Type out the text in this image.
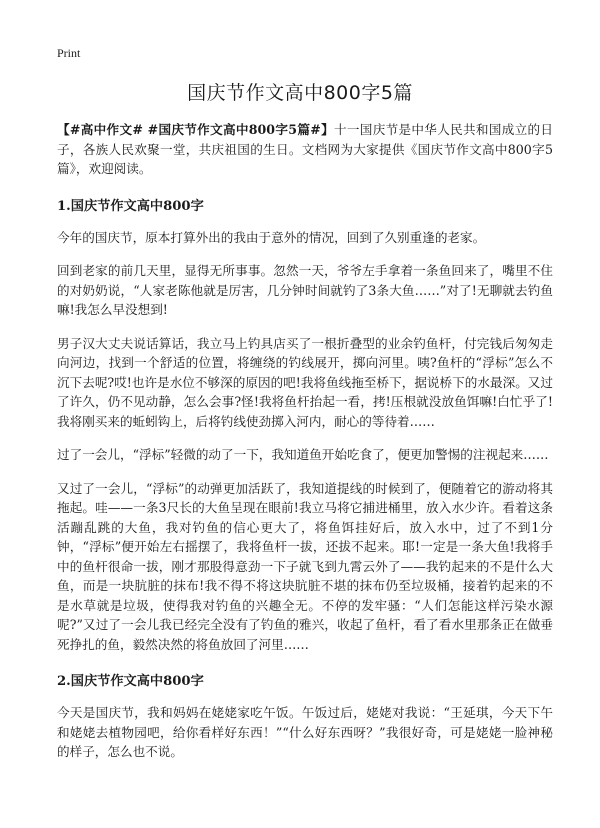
Print
国庆节作文高中800字5篇

【#高中作文# #国庆节作文高中800字5篇#】十一国庆节是中华人民共和国成立的日子，各族人民欢聚一堂，共庆祖国的生日。文档网为大家提供《国庆节作文高中800字5篇》，欢迎阅读。

1.国庆节作文高中800字

今年的国庆节，原本打算外出的我由于意外的情况，回到了久别重逢的老家。

回到老家的前几天里，显得无所事事。忽然一天，爷爷左手拿着一条鱼回来了，嘴里不住的对奶奶说，“人家老陈他就是厉害，几分钟时间就钓了3条大鱼……”对了!无聊就去钓鱼嘛!我怎么早没想到!

男子汉大丈夫说话算话，我立马上钓具店买了一根折叠型的业余钓鱼杆，付完钱后匆匆走向河边，找到一个舒适的位置，将缠绕的钓线展开，掷向河里。咦?鱼杆的“浮标”怎么不沉下去呢?哎!也许是水位不够深的原因的吧!我将鱼线拖至桥下，据说桥下的水最深。又过了许久，仍不见动静，怎么会事?怪!我将鱼杆抬起一看，拷!压根就没放鱼饵嘛!白忙乎了!我将刚买来的蚯蚓钩上，后将钓线使劲掷入河内，耐心的等待着……

过了一会儿，“浮标”轻微的动了一下，我知道鱼开始吃食了，便更加警惕的注视起来……

又过了一会儿，“浮标”的动弹更加活跃了，我知道提线的时候到了，便随着它的游动将其拖起。哇——一条3尺长的大鱼呈现在眼前!我立马将它捕进桶里，放入水少许。看着这条活蹦乱跳的大鱼，我对钓鱼的信心更大了，将鱼饵挂好后，放入水中，过了不到1分钟，“浮标”便开始左右摇摆了，我将鱼杆一拔，还拔不起来。耶!一定是一条大鱼!我将手中的鱼杆很命一拔，刚才那股得意劲一下子就飞到九霄云外了——我钓起来的不是什么大鱼，而是一块肮脏的抹布!我不得不将这块肮脏不堪的抹布仍至垃圾桶，接着钓起来的不是水草就是垃圾，使得我对钓鱼的兴趣全无。不停的发牢骚：“人们怎能这样污染水源呢?”又过了一会儿我已经完全没有了钓鱼的雅兴，收起了鱼杆，看了看水里那条正在做垂死挣扎的鱼，毅然决然的将鱼放回了河里……

2.国庆节作文高中800字

今天是国庆节，我和妈妈在姥姥家吃午饭。午饭过后，姥姥对我说：“王延琪，今天下午和姥姥去植物园吧，给你看样好东西！”“什么好东西呀？”我很好奇，可是姥姥一脸神秘的样子，怎么也不说。
